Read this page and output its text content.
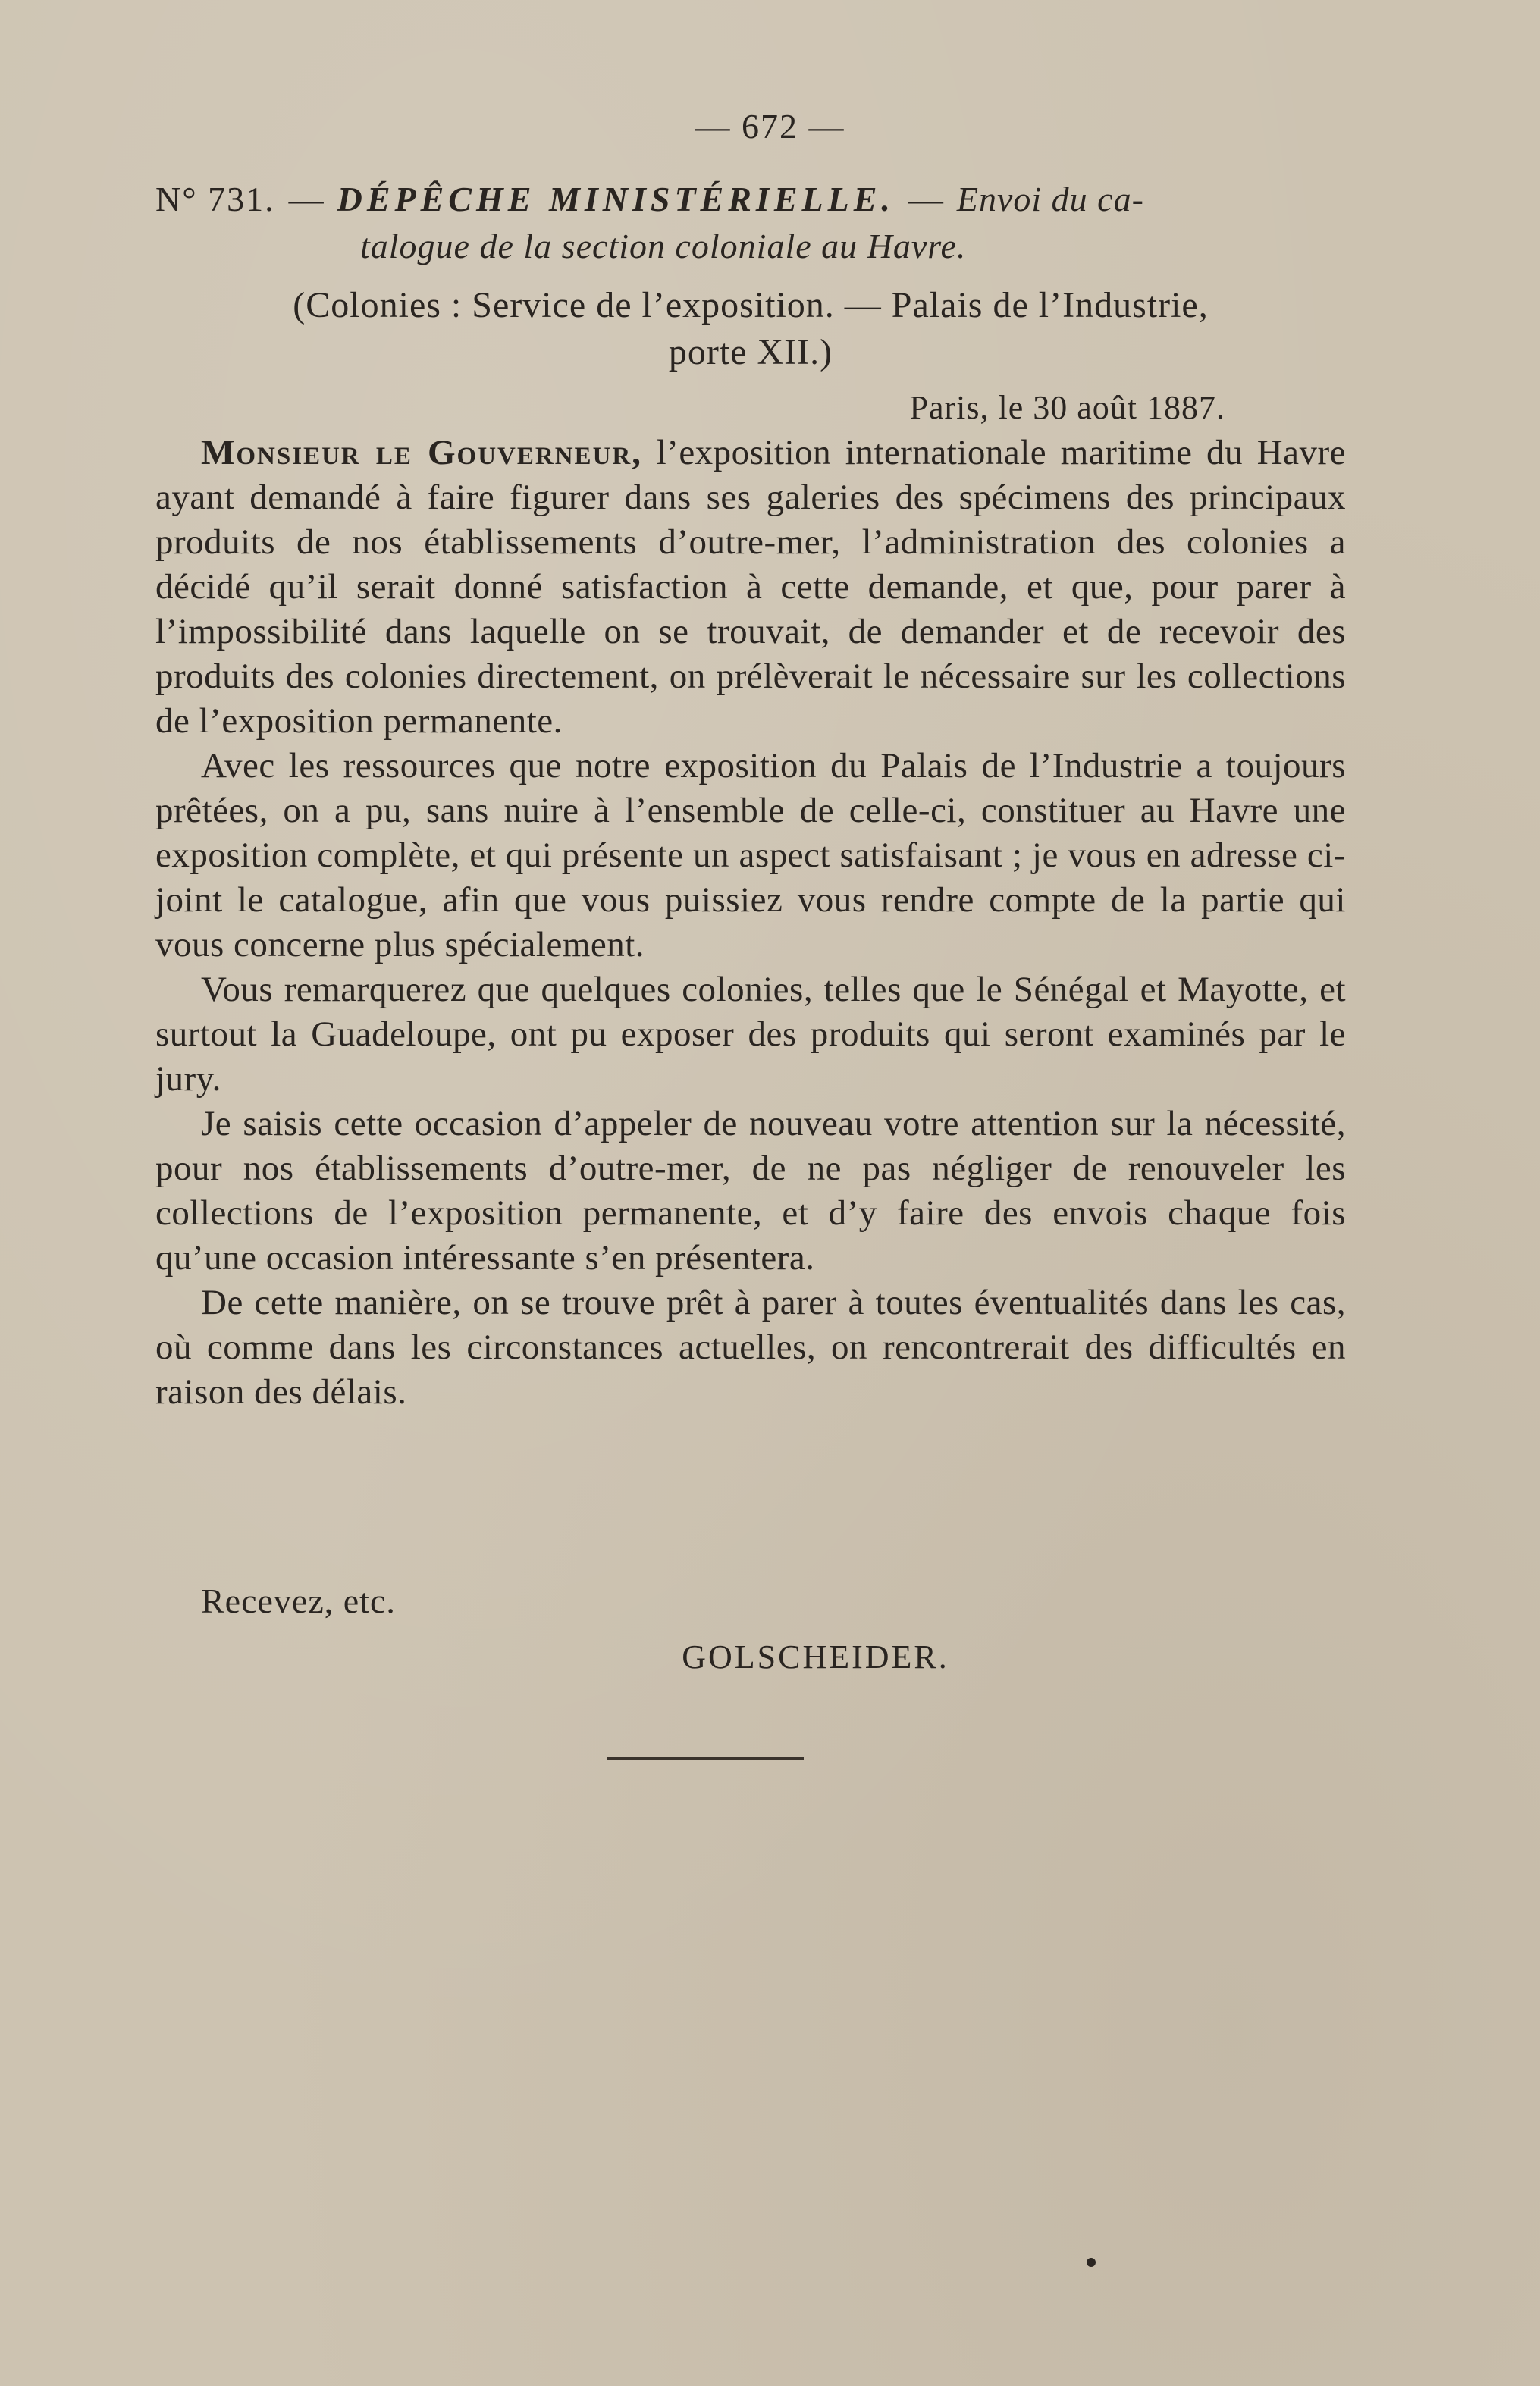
— 672 —
N° 731. — DÉPÊCHE MINISTÉRIELLE. — Envoi du ca-
talogue de la section coloniale au Havre.
(Colonies : Service de l’exposition. — Palais de l’Industrie,
porte XII.)
Paris, le 30 août 1887.

Monsieur le Gouverneur, l’exposition internationale maritime du Havre ayant demandé à faire figurer dans ses galeries des spécimens des principaux produits de nos établissements d’outre-mer, l’administration des colonies a décidé qu’il serait donné satisfaction à cette demande, et que, pour parer à l’impossibilité dans laquelle on se trouvait, de demander et de recevoir des produits des colonies directement, on prélèverait le nécessaire sur les collections de l’exposition permanente.

Avec les ressources que notre exposition du Palais de l’Industrie a toujours prêtées, on a pu, sans nuire à l’ensemble de celle-ci, constituer au Havre une exposition complète, et qui présente un aspect satisfaisant ; je vous en adresse ci-joint le catalogue, afin que vous puissiez vous rendre compte de la partie qui vous concerne plus spécialement.

Vous remarquerez que quelques colonies, telles que le Sénégal et Mayotte, et surtout la Guadeloupe, ont pu exposer des produits qui seront examinés par le jury.

Je saisis cette occasion d’appeler de nouveau votre attention sur la nécessité, pour nos établissements d’outre-mer, de ne pas négliger de renouveler les collections de l’exposition permanente, et d’y faire des envois chaque fois qu’une occasion intéressante s’en présentera.

De cette manière, on se trouve prêt à parer à toutes éventualités dans les cas, où comme dans les circonstances actuelles, on rencontrerait des difficultés en raison des délais.

Recevez, etc.
GOLSCHEIDER.
